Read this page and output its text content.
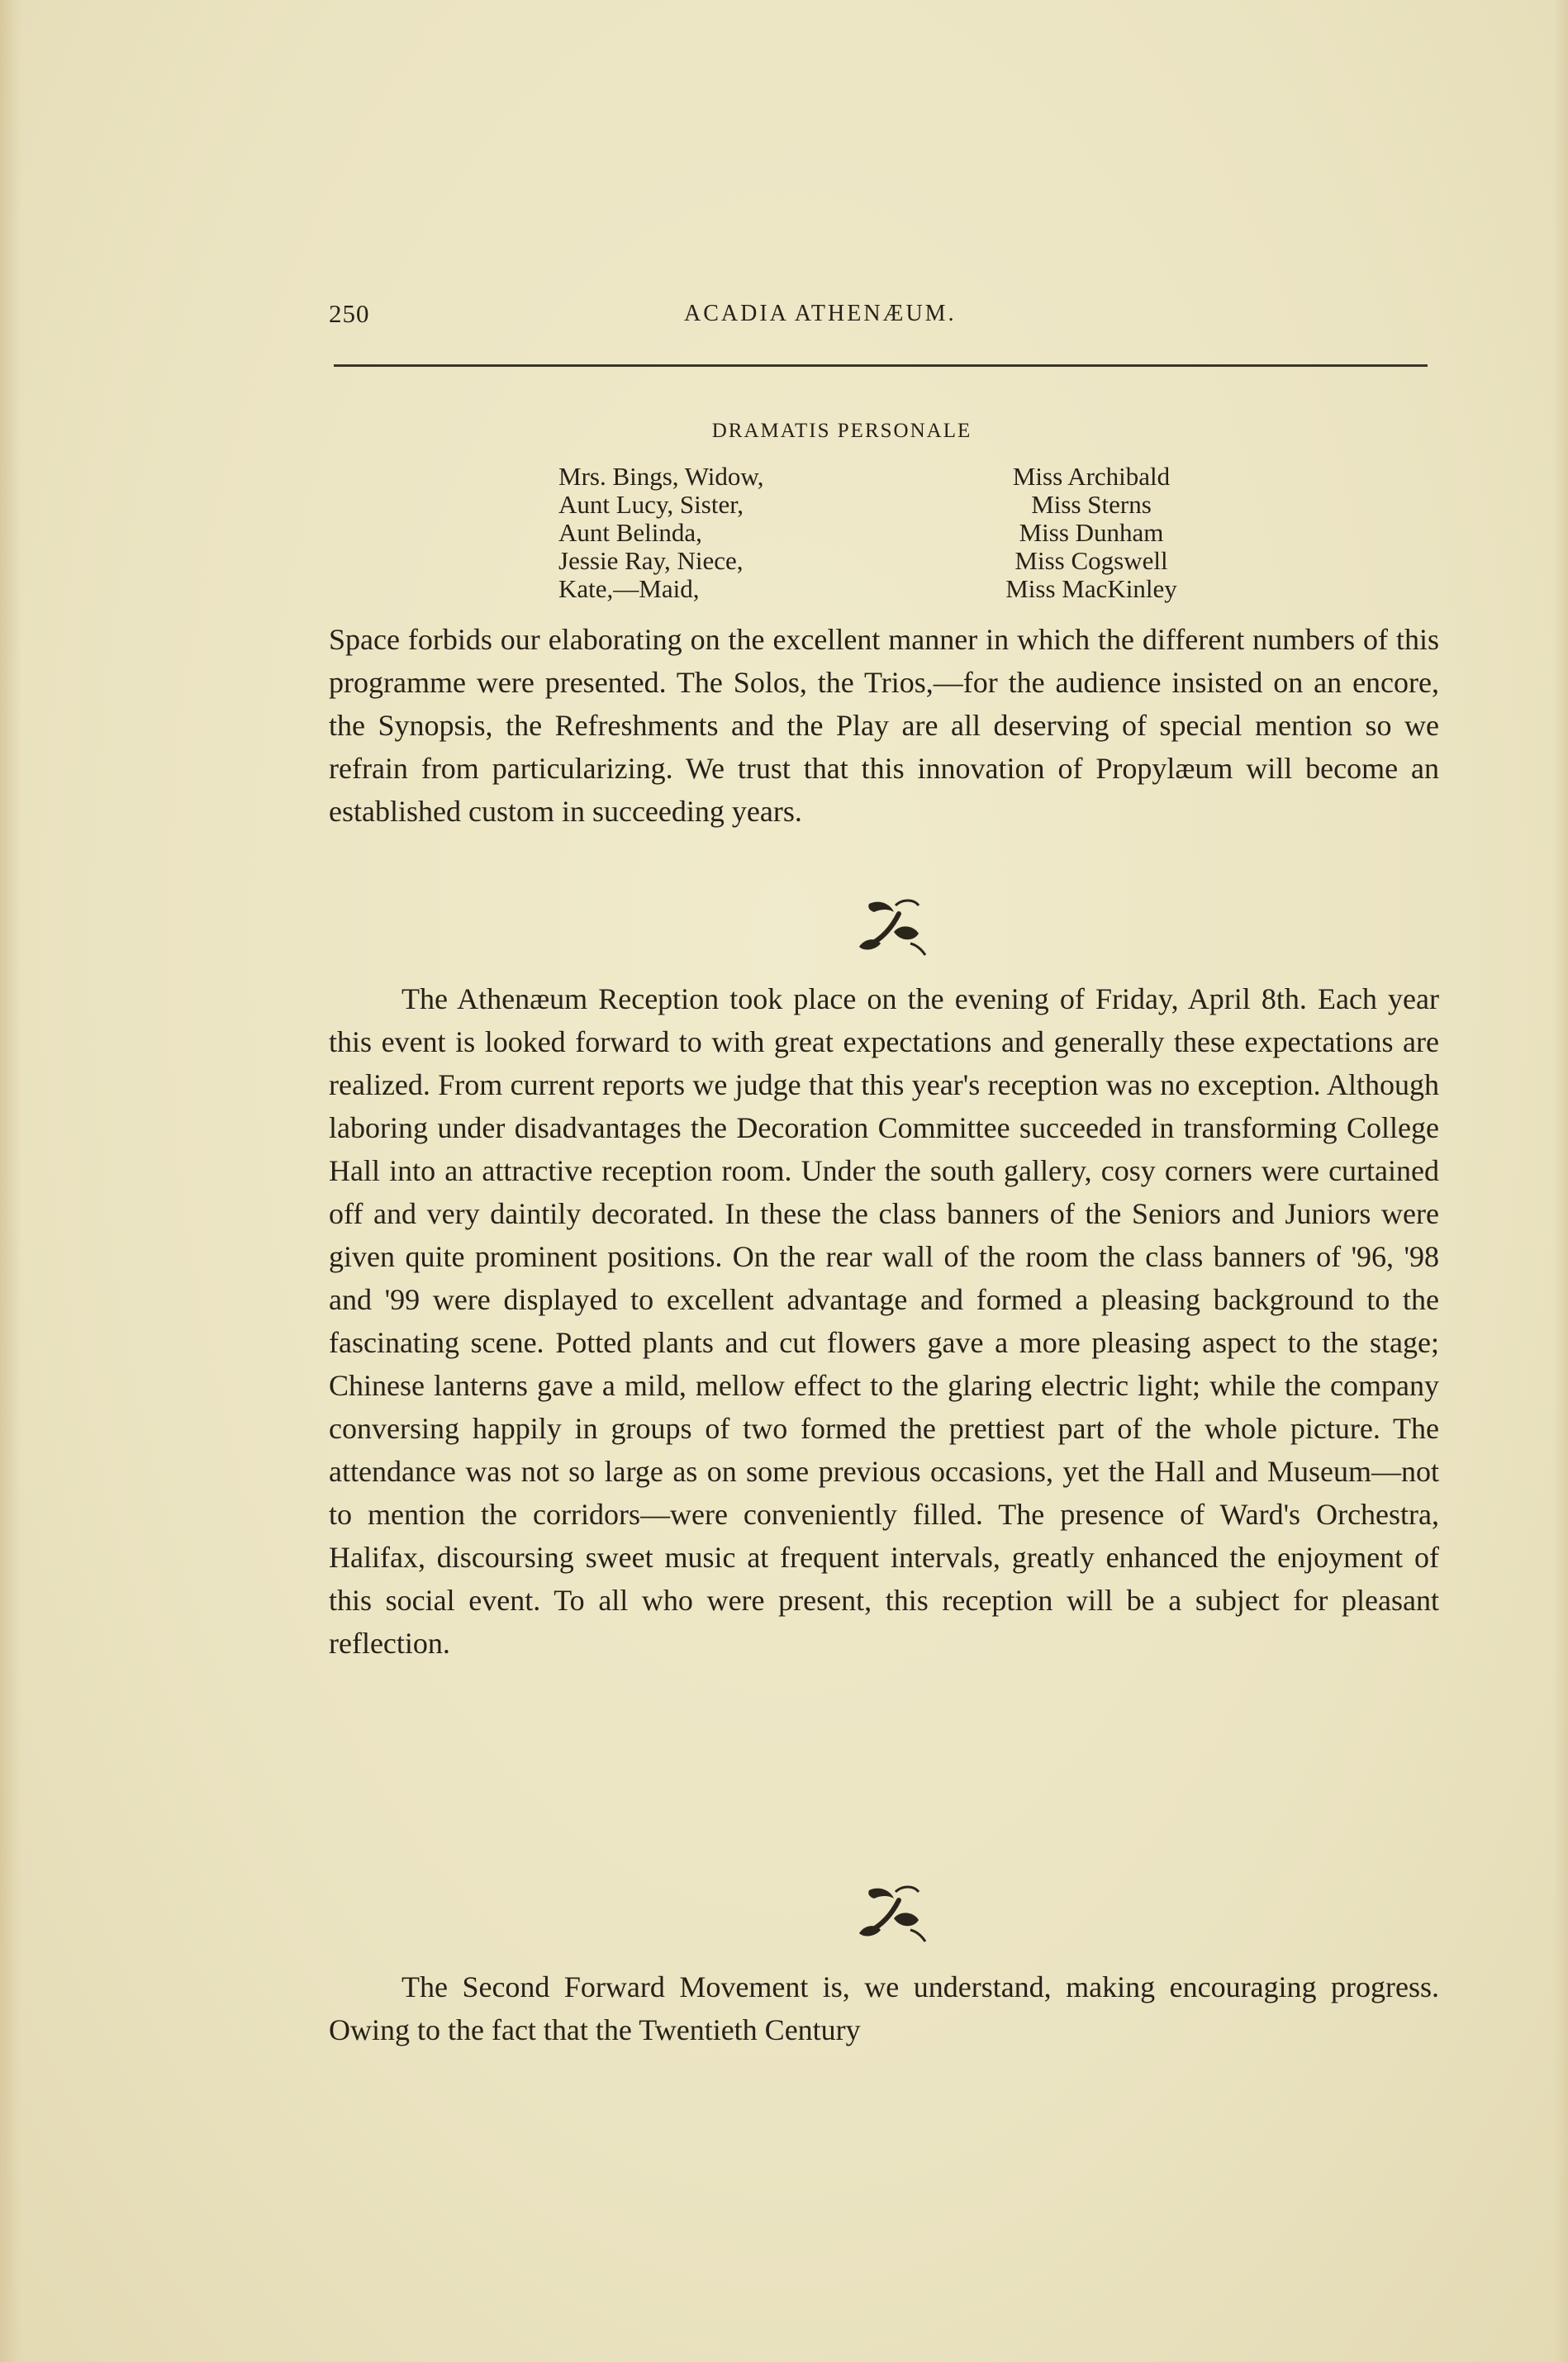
250	ACADIA ATHENÆUM.
DRAMATIS PERSONALE
Mrs. Bings, Widow,	Miss Archibald
Aunt Lucy, Sister,	Miss Sterns
Aunt Belinda,	Miss Dunham
Jessie Ray, Niece,	Miss Cogswell
Kate,—Maid,	Miss MacKinley

Space forbids our elaborating on the excellent manner in which the different numbers of this programme were presented. The Solos, the Trios,—for the audience insisted on an encore, the Synopsis, the Refreshments and the Play are all deserving of special mention so we refrain from particularizing. We trust that this innovation of Propylæum will become an established custom in succeeding years.

The Athenæum Reception took place on the evening of Friday, April 8th. Each year this event is looked forward to with great expectations and generally these expectations are realized. From current reports we judge that this year's reception was no exception. Although laboring under disadvantages the Decoration Committee succeeded in transforming College Hall into an attractive reception room. Under the south gallery, cosy corners were curtained off and very daintily decorated. In these the class banners of the Seniors and Juniors were given quite prominent positions. On the rear wall of the room the class banners of '96, '98 and '99 were displayed to excellent advantage and formed a pleasing background to the fascinating scene. Potted plants and cut flowers gave a more pleasing aspect to the stage; Chinese lanterns gave a mild, mellow effect to the glaring electric light; while the company conversing happily in groups of two formed the prettiest part of the whole picture. The attendance was not so large as on some previous occasions, yet the Hall and Museum—not to mention the corridors—were conveniently filled. The presence of Ward's Orchestra, Halifax, discoursing sweet music at frequent intervals, greatly enhanced the enjoyment of this social event. To all who were present, this reception will be a subject for pleasant reflection.

The Second Forward Movement is, we understand, making encouraging progress. Owing to the fact that the Twentieth Century
